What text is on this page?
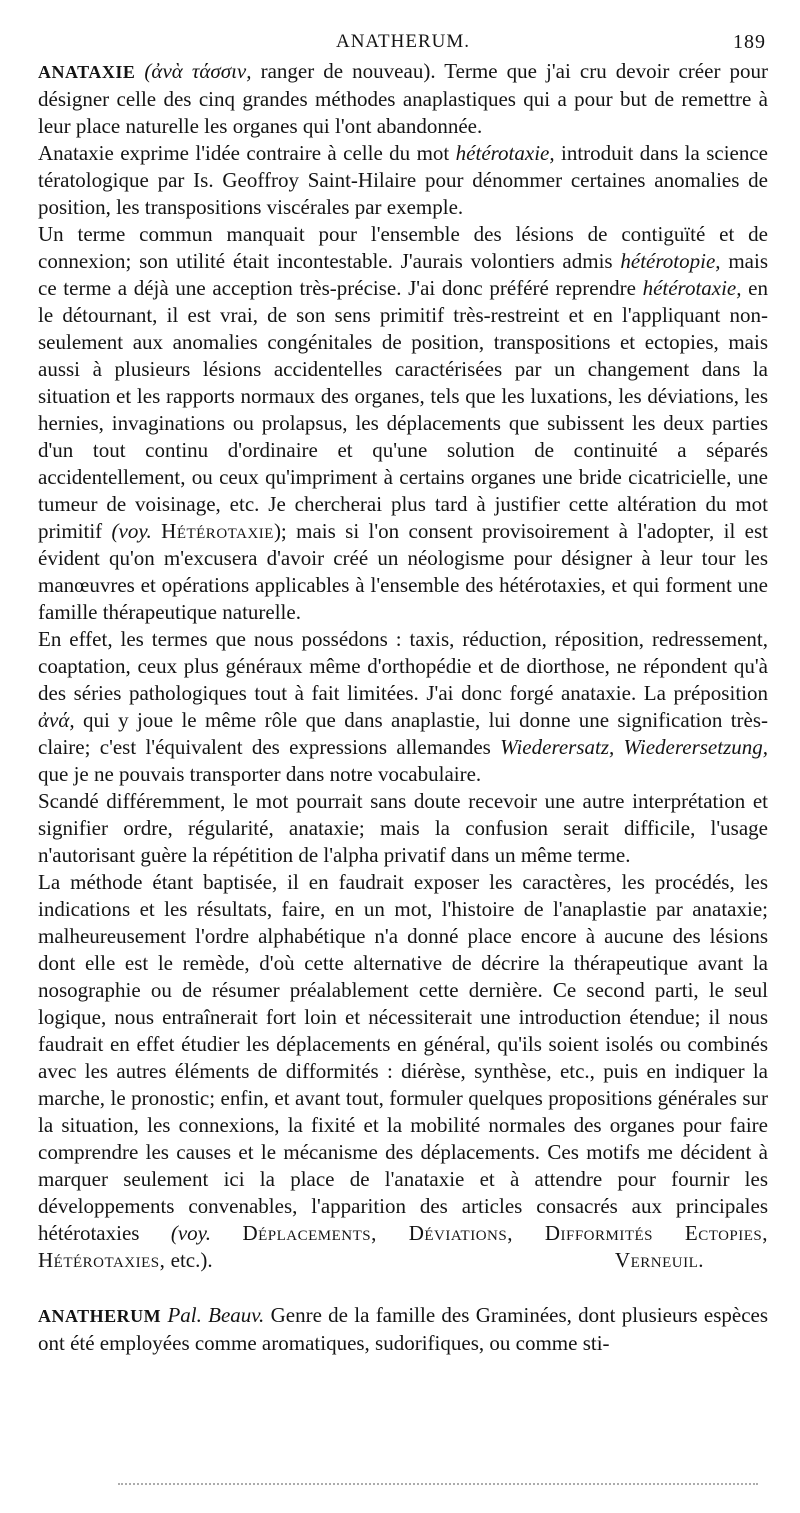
ANATHERUM.	189

ANATAXIE (ἀνὰ τάσσιν, ranger de nouveau). Terme que j'ai cru devoir créer pour désigner celle des cinq grandes méthodes anaplastiques qui a pour but de remettre à leur place naturelle les organes qui l'ont abandonnée.

Anataxie exprime l'idée contraire à celle du mot hétérotaxie, introduit dans la science tératologique par Is. Geoffroy Saint-Hilaire pour dénommer certaines anomalies de position, les transpositions viscérales par exemple.

Un terme commun manquait pour l'ensemble des lésions de contiguïté et de connexion; son utilité était incontestable. J'aurais volontiers admis hétérotopie, mais ce terme a déjà une acception très-précise. J'ai donc préféré reprendre hétérotaxie, en le détournant, il est vrai, de son sens primitif très-restreint et en l'appliquant non-seulement aux anomalies congénitales de position, transpositions et ectopies, mais aussi à plusieurs lésions accidentelles caractérisées par un changement dans la situation et les rapports normaux des organes, tels que les luxations, les déviations, les hernies, invaginations ou prolapsus, les déplacements que subissent les deux parties d'un tout continu d'ordinaire et qu'une solution de continuité a séparés accidentellement, ou ceux qu'impriment à certains organes une bride cicatricielle, une tumeur de voisinage, etc. Je chercherai plus tard à justifier cette altération du mot primitif (voy. Hétérotaxie); mais si l'on consent provisoirement à l'adopter, il est évident qu'on m'excusera d'avoir créé un néologisme pour désigner à leur tour les manœuvres et opérations applicables à l'ensemble des hétérotaxies, et qui forment une famille thérapeutique naturelle.

En effet, les termes que nous possédons : taxis, réduction, réposition, redressement, coaptation, ceux plus généraux même d'orthopédie et de diorthose, ne répondent qu'à des séries pathologiques tout à fait limitées. J'ai donc forgé anataxie. La préposition ἀνά, qui y joue le même rôle que dans anaplastie, lui donne une signification très-claire; c'est l'équivalent des expressions allemandes Wiederersatz, Wiederersetzung, que je ne pouvais transporter dans notre vocabulaire.

Scandé différemment, le mot pourrait sans doute recevoir une autre interprétation et signifier ordre, régularité, anataxie; mais la confusion serait difficile, l'usage n'autorisant guère la répétition de l'alpha privatif dans un même terme.

La méthode étant baptisée, il en faudrait exposer les caractères, les procédés, les indications et les résultats, faire, en un mot, l'histoire de l'anaplastie par anataxie; malheureusement l'ordre alphabétique n'a donné place encore à aucune des lésions dont elle est le remède, d'où cette alternative de décrire la thérapeutique avant la nosographie ou de résumer préalablement cette dernière. Ce second parti, le seul logique, nous entraînerait fort loin et nécessiterait une introduction étendue; il nous faudrait en effet étudier les déplacements en général, qu'ils soient isolés ou combinés avec les autres éléments de difformités : diérèse, synthèse, etc., puis en indiquer la marche, le pronostic; enfin, et avant tout, formuler quelques propositions générales sur la situation, les connexions, la fixité et la mobilité normales des organes pour faire comprendre les causes et le mécanisme des déplacements. Ces motifs me décident à marquer seulement ici la place de l'anataxie et à attendre pour fournir les développements convenables, l'apparition des articles consacrés aux principales hétérotaxies (voy. Déplacements, Déviations, Difformités Ectopies, Hétérotaxies, etc.).	Verneuil.

ANATHERUM Pal. Beauv. Genre de la famille des Graminées, dont plusieurs espèces ont été employées comme aromatiques, sudorifiques, ou comme sti-
